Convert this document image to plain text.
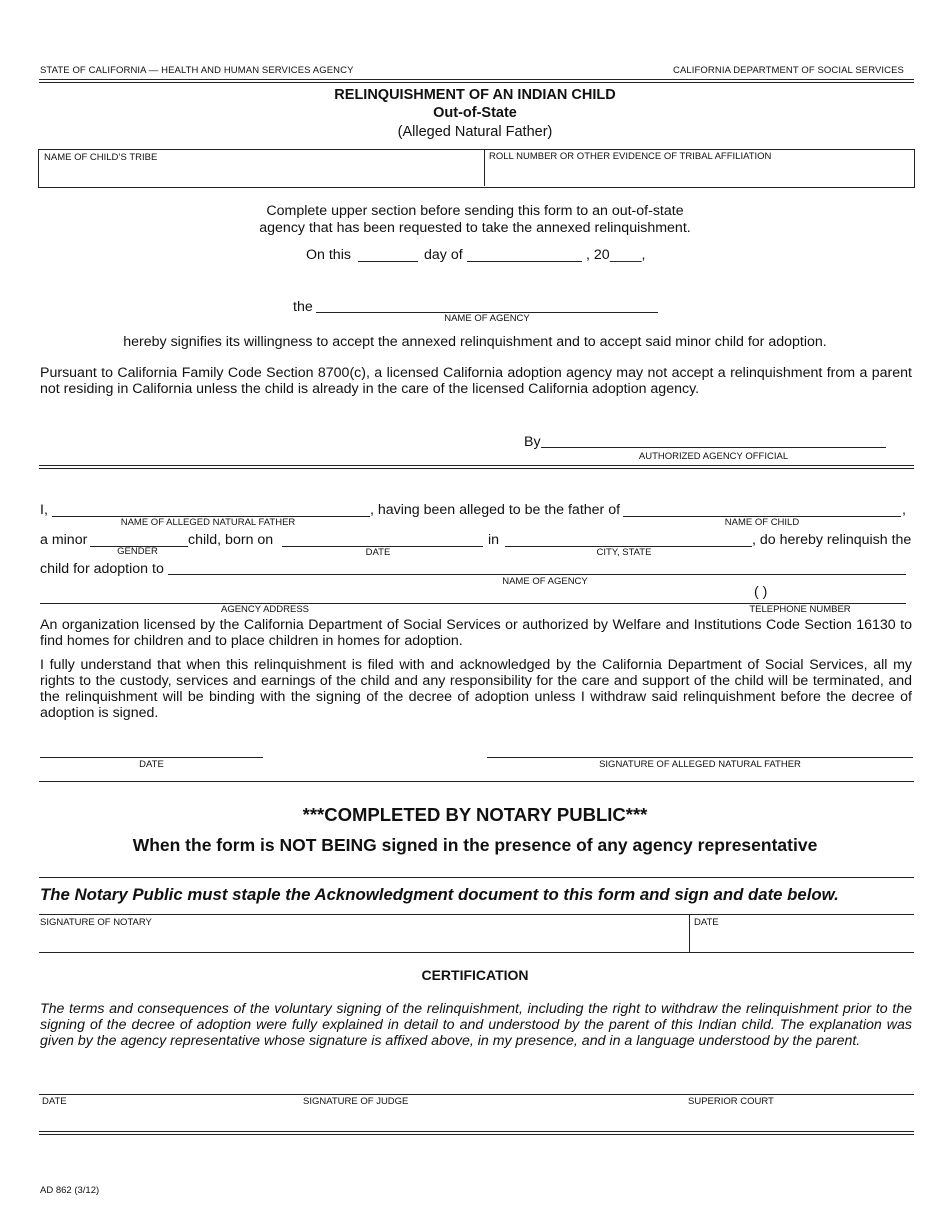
STATE OF CALIFORNIA — HEALTH AND HUMAN SERVICES AGENCY	CALIFORNIA DEPARTMENT OF SOCIAL SERVICES
RELINQUISHMENT OF AN INDIAN CHILD
Out-of-State
(Alleged Natural Father)
NAME OF CHILD’S TRIBE	ROLL NUMBER OR OTHER EVIDENCE OF TRIBAL AFFILIATION
Complete upper section before sending this form to an out-of-state
agency that has been requested to take the annexed relinquishment.
On this	day of	, 20 ____,
the
NAME OF AGENCY
hereby signifies its willingness to accept the annexed relinquishment and to accept said minor child for adoption.
Pursuant to California Family Code Section 8700(c), a licensed California adoption agency may not accept a relinquishment from a parent not residing in California unless the child is already in the care of the licensed California adoption agency.
By
AUTHORIZED AGENCY OFFICIAL
I,
NAME OF ALLEGED NATURAL FATHER
, having been alleged to be the father of	,
NAME OF CHILD
a minor
GENDER
child, born on
DATE
in
CITY, STATE
, do hereby relinquish the
child for adoption to
NAME OF AGENCY
( )
AGENCY ADDRESS	TELEPHONE NUMBER
An organization licensed by the California Department of Social Services or authorized by Welfare and Institutions Code Section 16130 to find homes for children and to place children in homes for adoption.
I fully understand that when this relinquishment is filed with and acknowledged by the California Department of Social Services, all my rights to the custody, services and earnings of the child and any responsibility for the care and support of the child will be terminated, and the relinquishment will be binding with the signing of the decree of adoption unless I withdraw said relinquishment before the decree of adoption is signed.
DATE	SIGNATURE OF ALLEGED NATURAL FATHER
***COMPLETED BY NOTARY PUBLIC***
When the form is NOT BEING signed in the presence of any agency representative
The Notary Public must staple the Acknowledgment document to this form and sign and date below.
SIGNATURE OF NOTARY	DATE
CERTIFICATION
The terms and consequences of the voluntary signing of the relinquishment, including the right to withdraw the relinquishment prior to the signing of the decree of adoption were fully explained in detail to and understood by the parent of this Indian child. The explanation was given by the agency representative whose signature is affixed above, in my presence, and in a language understood by the parent.
DATE	SIGNATURE OF JUDGE	SUPERIOR COURT
AD 862 (3/12)
